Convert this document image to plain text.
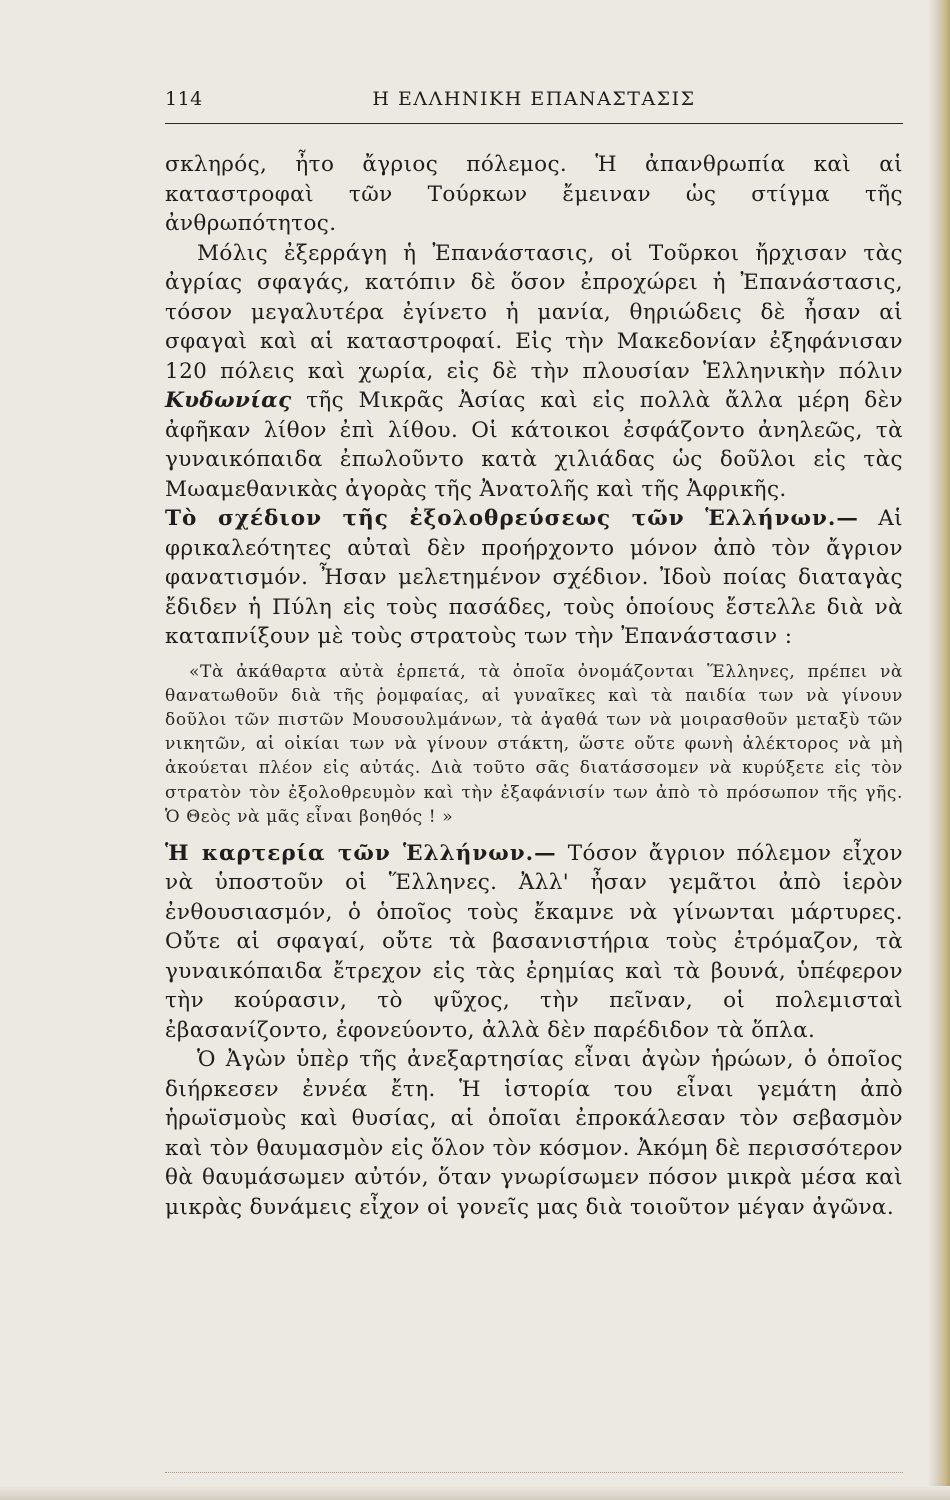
114	Η ΕΛΛΗΝΙΚΗ ΕΠΑΝΑΣΤΑΣΙΣ

σκληρός, ἦτο ἄγριος πόλεμος. Ἡ ἀπανθρωπία καὶ αἱ καταστροφαὶ τῶν Τούρκων ἔμειναν ὡς στίγμα τῆς ἀνθρωπότητος.

Μόλις ἐξερράγη ἡ Ἐπανάστασις, οἱ Τοῦρκοι ἤρχισαν τὰς ἀγρίας σφαγάς, κατόπιν δὲ ὅσον ἐπροχώρει ἡ Ἐπανάστασις, τόσον μεγαλυτέρα ἐγίνετο ἡ μανία, θηριώδεις δὲ ἦσαν αἱ σφαγαὶ καὶ αἱ καταστροφαί. Εἰς τὴν Μακεδονίαν ἐξηφάνισαν 120 πόλεις καὶ χωρία, εἰς δὲ τὴν πλουσίαν Ἑλληνικὴν πόλιν Κυδωνίας τῆς Μικρᾶς Ἀσίας καὶ εἰς πολλὰ ἄλλα μέρη δὲν ἀφῆκαν λίθον ἐπὶ λίθου. Οἱ κάτοικοι ἐσφάζοντο ἀνηλεῶς, τὰ γυναικόπαιδα ἐπωλοῦντο κατὰ χιλιάδας ὡς δοῦλοι εἰς τὰς Μωαμεθανικὰς ἀγορὰς τῆς Ἀνατολῆς καὶ τῆς Ἀφρικῆς.

Τὸ σχέδιον τῆς ἐξολοθρεύσεως τῶν Ἑλλήνων.— Αἱ φρικαλεότητες αὐταὶ δὲν προήρχοντο μόνον ἀπὸ τὸν ἄγριον φανατισμόν. Ἦσαν μελετημένον σχέδιον. Ἰδοὺ ποίας διαταγὰς ἔδιδεν ἡ Πύλη εἰς τοὺς πασάδες, τοὺς ὁποίους ἔστελλε διὰ νὰ καταπνίξουν μὲ τοὺς στρατοὺς των τὴν Ἐπανάστασιν :

«Τὰ ἀκάθαρτα αὐτὰ ἑρπετά, τὰ ὁποῖα ὀνομάζονται Ἕλληνες, πρέπει νὰ θανατωθοῦν διὰ τῆς ῥομφαίας, αἱ γυναῖκες καὶ τὰ παιδία των νὰ γίνουν δοῦλοι τῶν πιστῶν Μουσουλμάνων, τὰ ἀγαθά των νὰ μοιρασθοῦν μεταξὺ τῶν νικητῶν, αἱ οἰκίαι των νὰ γίνουν στάκτη, ὥστε οὔτε φωνὴ ἀλέκτορος νὰ μὴ ἀκούεται πλέον εἰς αὐτάς. Διὰ τοῦτο σᾶς διατάσσομεν νὰ κυρύξετε εἰς τὸν στρατὸν τὸν ἐξολοθρευμὸν καὶ τὴν ἐξαφάνισίν των ἀπὸ τὸ πρόσωπον τῆς γῆς. Ὁ Θεὸς νὰ μᾶς εἶναι βοηθός ! »

Ἡ καρτερία τῶν Ἑλλήνων.— Τόσον ἄγριον πόλεμον εἶχον νὰ ὑποστοῦν οἱ Ἕλληνες. Ἀλλ' ἦσαν γεμᾶτοι ἀπὸ ἱερὸν ἐνθουσιασμόν, ὁ ὁποῖος τοὺς ἔκαμνε νὰ γίνωνται μάρτυρες. Οὔτε αἱ σφαγαί, οὔτε τὰ βασανιστήρια τοὺς ἐτρόμαζον, τὰ γυναικόπαιδα ἔτρεχον εἰς τὰς ἐρημίας καὶ τὰ βουνά, ὑπέφερον τὴν κούρασιν, τὸ ψῦχος, τὴν πεῖναν, οἱ πολεμισταὶ ἐβασανίζοντο, ἐφονεύοντο, ἀλλὰ δὲν παρέδιδον τὰ ὅπλα.

Ὁ Ἀγὼν ὑπὲρ τῆς ἀνεξαρτησίας εἶναι ἀγὼν ἡρώων, ὁ ὁποῖος διήρκεσεν ἐννέα ἔτη. Ἡ ἱστορία του εἶναι γεμάτη ἀπὸ ἡρωϊσμοὺς καὶ θυσίας, αἱ ὁποῖαι ἐπροκάλεσαν τὸν σεβασμὸν καὶ τὸν θαυμασμὸν εἰς ὅλον τὸν κόσμον. Ἀκόμη δὲ περισσότερον θὰ θαυμάσωμεν αὐτόν, ὅταν γνωρίσωμεν πόσον μικρὰ μέσα καὶ μικρὰς δυνάμεις εἶχον οἱ γονεῖς μας διὰ τοιοῦτον μέγαν ἀγῶνα.
